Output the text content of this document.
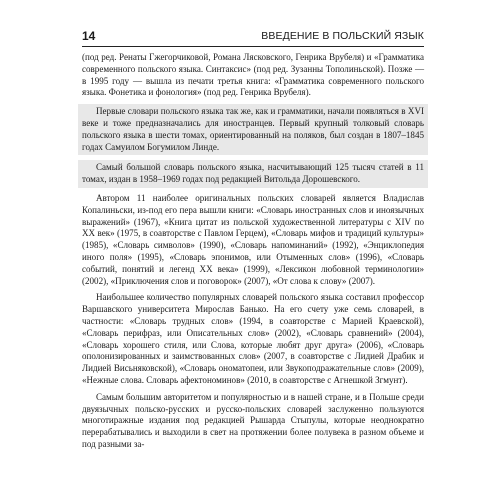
14	ВВЕДЕНИЕ В ПОЛЬСКИЙ ЯЗЫК

(под ред. Ренаты Гжегорчиковой, Романа Лясковского, Генрика Врубеля) и «Грамматика современного польского языка. Синтаксис» (под ред. Зузанны Тополиньской). Позже — в 1995 году — вышла из печати третья книга: «Грамматика современного польского языка. Фонетика и фонология» (под ред. Генрика Врубеля).

Первые словари польского языка так же, как и грамматики, начали появляться в XVI веке и тоже предназначались для иностранцев. Первый крупный толковый словарь польского языка в шести томах, ориентированный на поляков, был создан в 1807–1845 годах Самуилом Богумилом Линде.

Самый большой словарь польского языка, насчитывающий 125 тысяч статей в 11 томах, издан в 1958–1969 годах под редакцией Витольда Дорошевского.

Автором 11 наиболее оригинальных польских словарей является Владислав Копалиньски, из-под его пера вышли книги: «Словарь иностранных слов и иноязычных выражений» (1967), «Книга цитат из польской художественной литературы с XIV по XX век» (1975, в соавторстве с Павлом Герцем), «Словарь мифов и традиций культуры» (1985), «Словарь символов» (1990), «Словарь напоминаний» (1992), «Энциклопедия иного поля» (1995), «Словарь эпонимов, или Отыменных слов» (1996), «Словарь событий, понятий и легенд XX века» (1999), «Лексикон любовной терминологии» (2002), «Приключения слов и поговорок» (2007), «От слова к слову» (2007).

Наибольшее количество популярных словарей польского языка составил профессор Варшавского университета Мирослав Банько. На его счету уже семь словарей, в частности: «Словарь трудных слов» (1994, в соавторстве с Марией Краевской), «Словарь перифраз, или Описательных слов» (2002), «Словарь сравнений» (2004), «Словарь хорошего стиля, или Слова, которые любят друг друга» (2006), «Словарь ополонизированных и заимствованных слов» (2007, в соавторстве с Лидией Драбик и Лидией Висьняковской), «Словарь ономатопеи, или Звукоподражательные слов» (2009), «Нежные слова. Словарь афектономинов» (2010, в соавторстве с Агнешкой Згмунт).

Самым большим авторитетом и популярностью и в нашей стране, и в Польше среди двуязычных польско-русских и русско-польских словарей заслуженно пользуются многотиражные издания под редакцией Рышарда Стыпулы, которые неоднократно перерабатывались и выходили в свет на протяжении более полувека в разном объеме и под разными за-
